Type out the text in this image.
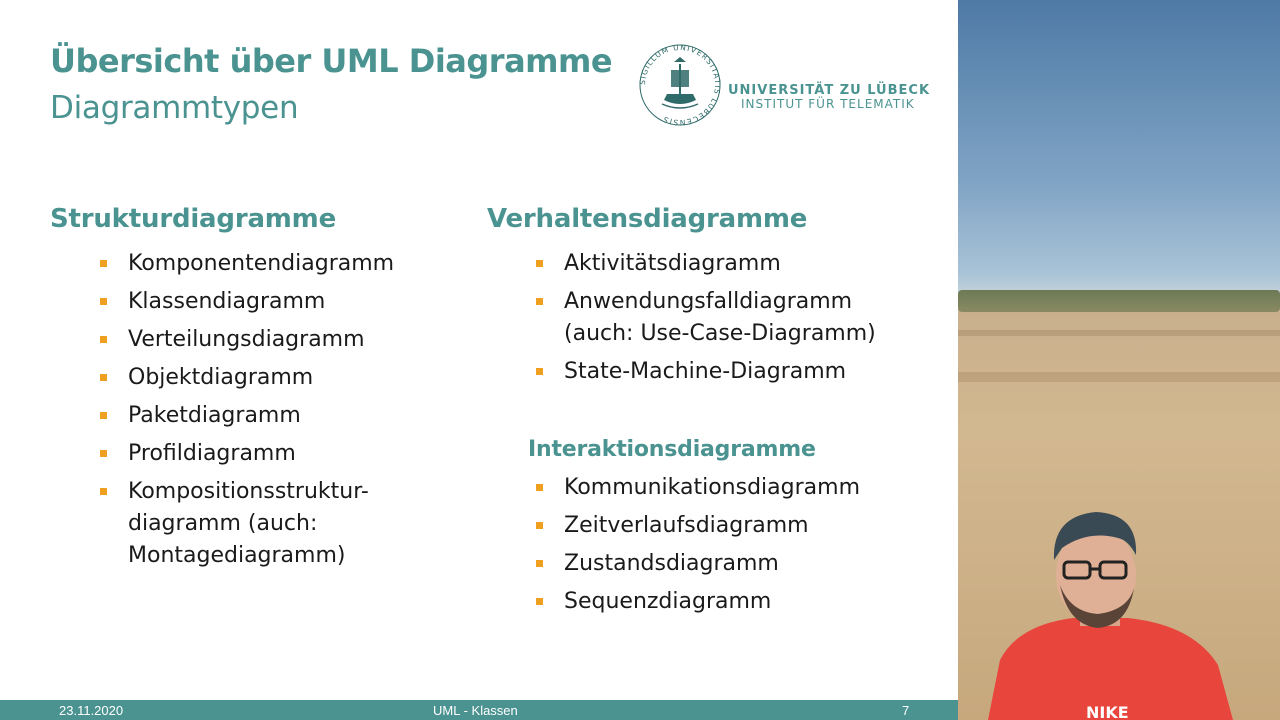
Übersicht über UML Diagramme
Diagrammtypen
SIGILLUM UNIVERSITATIS LUBECENSIS
UNIVERSITÄT ZU LÜBECK
INSTITUT FÜR TELEMATIK
Strukturdiagramme
Komponentendiagramm
Klassendiagramm
Verteilungsdiagramm
Objektdiagramm
Paketdiagramm
Profildiagramm
Kompositionsstruktur-
diagramm (auch:
Montagediagramm)
Verhaltensdiagramme
Aktivitätsdiagramm
Anwendungsfalldiagramm
(auch: Use-Case-Diagramm)
State-Machine-Diagramm
Interaktionsdiagramme
Kommunikationsdiagramm
Zeitverlaufsdiagramm
Zustandsdiagramm
Sequenzdiagramm
23.11.2020	UML - Klassen	7	NIKE
